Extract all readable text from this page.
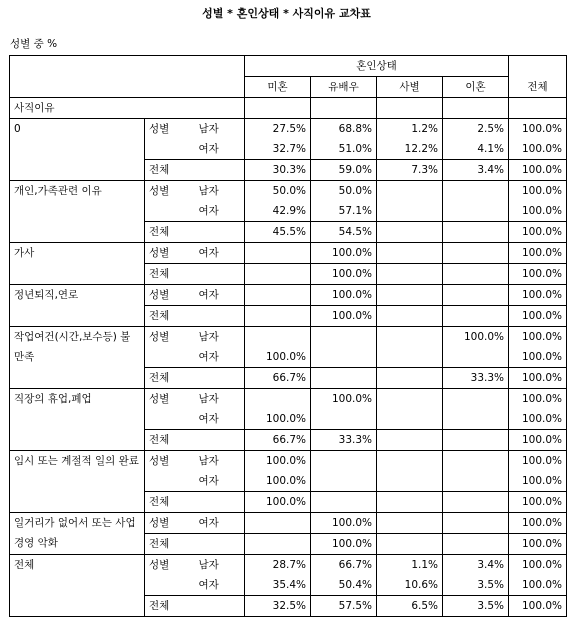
성별 * 혼인상태 * 사직이유 교차표
성별 중 %
			혼인상태				
			미혼	유배우	사별	이혼	전체
사직이유							
0	성별	남자	27.5%	68.8%	1.2%	2.5%	100.0%
		여자	32.7%	51.0%	12.2%	4.1%	100.0%
	전체		30.3%	59.0%	7.3%	3.4%	100.0%
개인,가족관련 이유	성별	남자	50.0%	50.0%			100.0%
		여자	42.9%	57.1%			100.0%
	전체		45.5%	54.5%			100.0%
가사	성별	여자		100.0%			100.0%
	전체			100.0%			100.0%
정년퇴직,연로	성별	여자		100.0%			100.0%
	전체			100.0%			100.0%
작업여건(시간,보수등) 불만족	성별	남자				100.0%	100.0%
		여자	100.0%				100.0%
	전체		66.7%			33.3%	100.0%
직장의 휴업,폐업	성별	남자		100.0%			100.0%
		여자	100.0%				100.0%
	전체		66.7%	33.3%			100.0%
임시 또는 계절적 일의 완료	성별	남자	100.0%				100.0%
		여자	100.0%				100.0%
	전체		100.0%				100.0%
일거리가 없어서 또는 사업경영 악화	성별	여자		100.0%			100.0%
	전체			100.0%			100.0%
전체	성별	남자	28.7%	66.7%	1.1%	3.4%	100.0%
		여자	35.4%	50.4%	10.6%	3.5%	100.0%
	전체		32.5%	57.5%	6.5%	3.5%	100.0%
